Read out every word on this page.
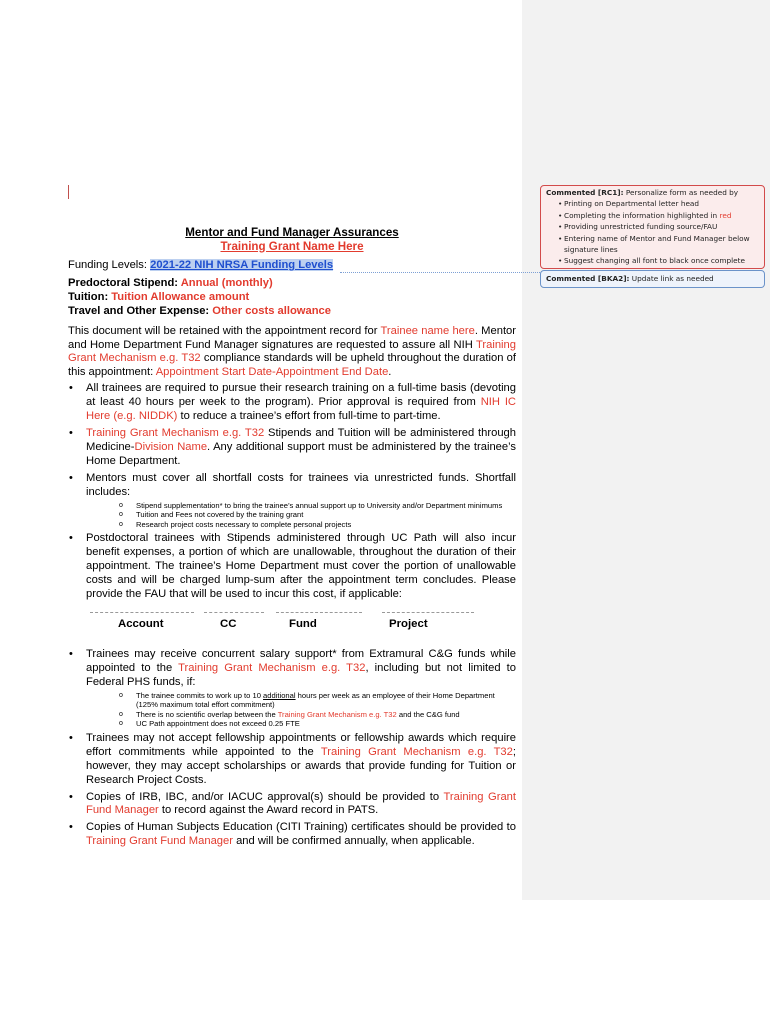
Mentor and Fund Manager Assurances
Training Grant Name Here
Funding Levels: 2021-22 NIH NRSA Funding Levels
Predoctoral Stipend: Annual (monthly)
Tuition: Tuition Allowance amount
Travel and Other Expense: Other costs allowance

This document will be retained with the appointment record for Trainee name here. Mentor and Home Department Fund Manager signatures are requested to assure all NIH Training Grant Mechanism e.g. T32 compliance standards will be upheld throughout the duration of this appointment: Appointment Start Date-Appointment End Date.

• All trainees are required to pursue their research training on a full-time basis (devoting at least 40 hours per week to the program). Prior approval is required from NIH IC Here (e.g. NIDDK) to reduce a trainee’s effort from full-time to part-time.
• Training Grant Mechanism e.g. T32 Stipends and Tuition will be administered through Medicine-Division Name. Any additional support must be administered by the trainee’s Home Department.
• Mentors must cover all shortfall costs for trainees via unrestricted funds. Shortfall includes:
o Stipend supplementation* to bring the trainee’s annual support up to University and/or Department minimums
o Tuition and Fees not covered by the training grant
o Research project costs necessary to complete personal projects
• Postdoctoral trainees with Stipends administered through UC Path will also incur benefit expenses, a portion of which are unallowable, throughout the duration of their appointment. The trainee’s Home Department must cover the portion of unallowable costs and will be charged lump-sum after the appointment term concludes. Please provide the FAU that will be used to incur this cost, if applicable:
Account	CC	Fund	Project
• Trainees may receive concurrent salary support* from Extramural C&G funds while appointed to the Training Grant Mechanism e.g. T32, including but not limited to Federal PHS funds, if:
o The trainee commits to work up to 10 additional hours per week as an employee of their Home Department (125% maximum total effort commitment)
o There is no scientific overlap between the Training Grant Mechanism e.g. T32 and the C&G fund
o UC Path appointment does not exceed 0.25 FTE
• Trainees may not accept fellowship appointments or fellowship awards which require effort commitments while appointed to the Training Grant Mechanism e.g. T32; however, they may accept scholarships or awards that provide funding for Tuition or Research Project Costs.
• Copies of IRB, IBC, and/or IACUC approval(s) should be provided to Training Grant Fund Manager to record against the Award record in PATS.
• Copies of Human Subjects Education (CITI Training) certificates should be provided to Training Grant Fund Manager and will be confirmed annually, when applicable.
Commented [RC1]: Personalize form as needed by
• Printing on Departmental letter head
• Completing the information highlighted in red
• Providing unrestricted funding source/FAU
• Entering name of Mentor and Fund Manager below signature lines
• Suggest changing all font to black once complete
Commented [BKA2]: Update link as needed
